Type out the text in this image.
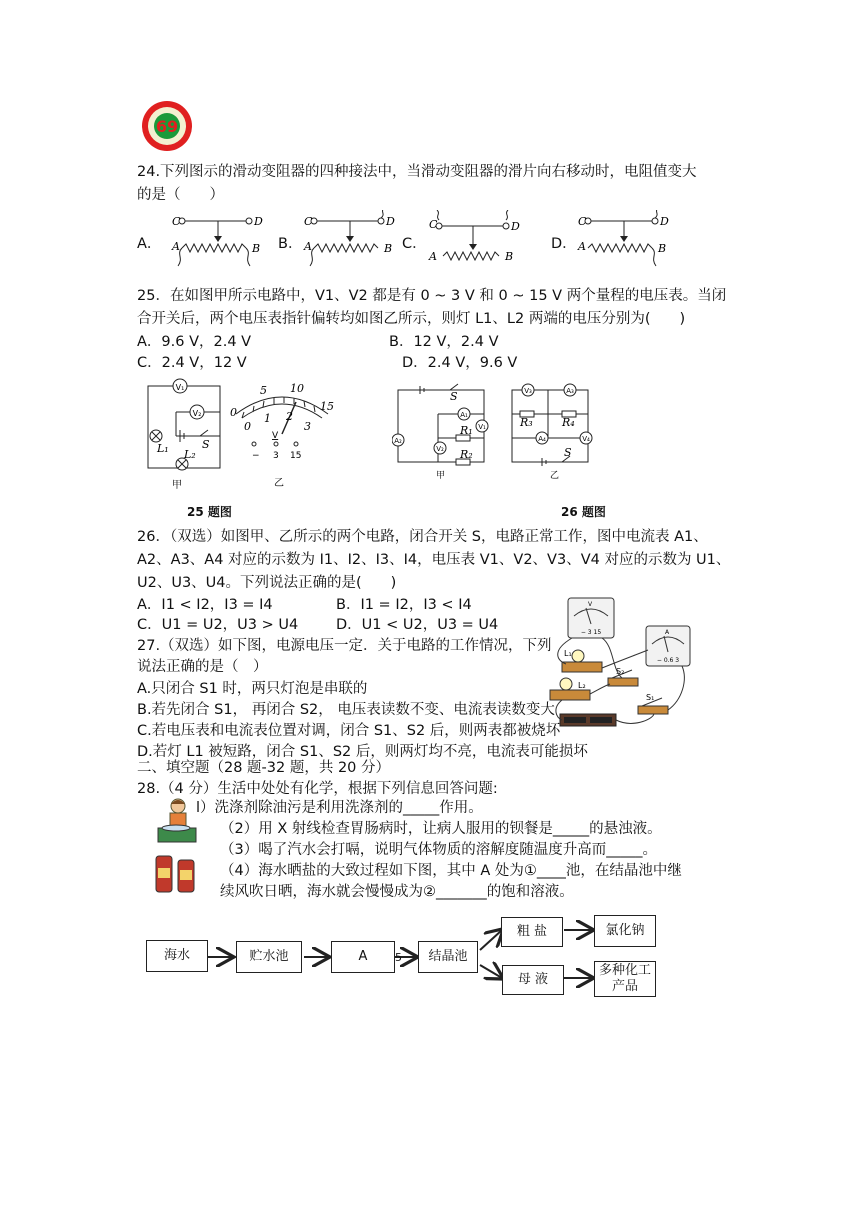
69
24.下列图示的滑动变阻器的四种接法中，当滑动变阻器的滑片向右移动时，电阻值变大
的是（　　）
A．	B．	C．	D．
C	D
A	B
C	D
A	B
C	D
A	B
C	D
A	B
25．在如图甲所示电路中，V1、V2 都是有 0 ~ 3 V 和 0 ~ 15 V 两个量程的电压表。当闭
合开关后，两个电压表指针偏转均如图乙所示，则灯 L1、L2 两端的电压分别为(　　)
A．9.6 V，2.4 V	B．12 V，2.4 V
C．2.4 V，12 V	D．2.4 V，9.6 V
V₁
V₂
L₁ L₂
S
甲
0
5 10
15
0
1 2
3
V
− 3 15
乙
S
A₂
A₁
V₁
R₁
V₂ R₂
甲
V₃	A₃
R₃	R₄
A₄	V₄
S
乙
25 题图	26 题图
26．（双选）如图甲、乙所示的两个电路，闭合开关 S，电路正常工作，图中电流表 A1、
A2、A3、A4 对应的示数为 I1、I2、I3、I4，电压表 V1、V2、V3、V4 对应的示数为 U1、
U2、U3、U4。下列说法正确的是(　　)
A．I1 < I2，I3 = I4	B．I1 = I2，I3 < I4
C．U1 = U2，U3 > U4	D．U1 < U2，U3 = U4
27.（双选）如下图，电源电压一定．关于电路的工作情况，下列
说法正确的是（　）
A.只闭合 S1 时，两只灯泡是串联的
B.若先闭合 S1， 再闭合 S2， 电压表读数不变、电流表读数变大
C.若电压表和电流表位置对调，闭合 S1、S2 后，则两表都被烧坏
D.若灯 L1 被短路，闭合 S1、S2 后，则两灯均不亮，电流表可能损坏
− 3 15
V
− 0.6 3
A
L₁
L₂
S₂
S₁
二、填空题（28 题-32 题，共 20 分）
28.（4 分）生活中处处有化学，根据下列信息回答问题:
l）洗涤剂除油污是利用洗涤剂的_____作用。
（2）用 X 射线检查胃肠病时，让病人服用的钡餐是_____的悬浊液。
（3）喝了汽水会打嗝，说明气体物质的溶解度随温度升高而_____。
（4）海水晒盐的大致过程如下图，其中 A 处为①____池，在结晶池中继
续风吹日晒，海水就会慢慢成为②_______的饱和溶液。
海水	贮水池	A	5	结晶池
粗 盐	氯化钠
母 液
多种化工产品
